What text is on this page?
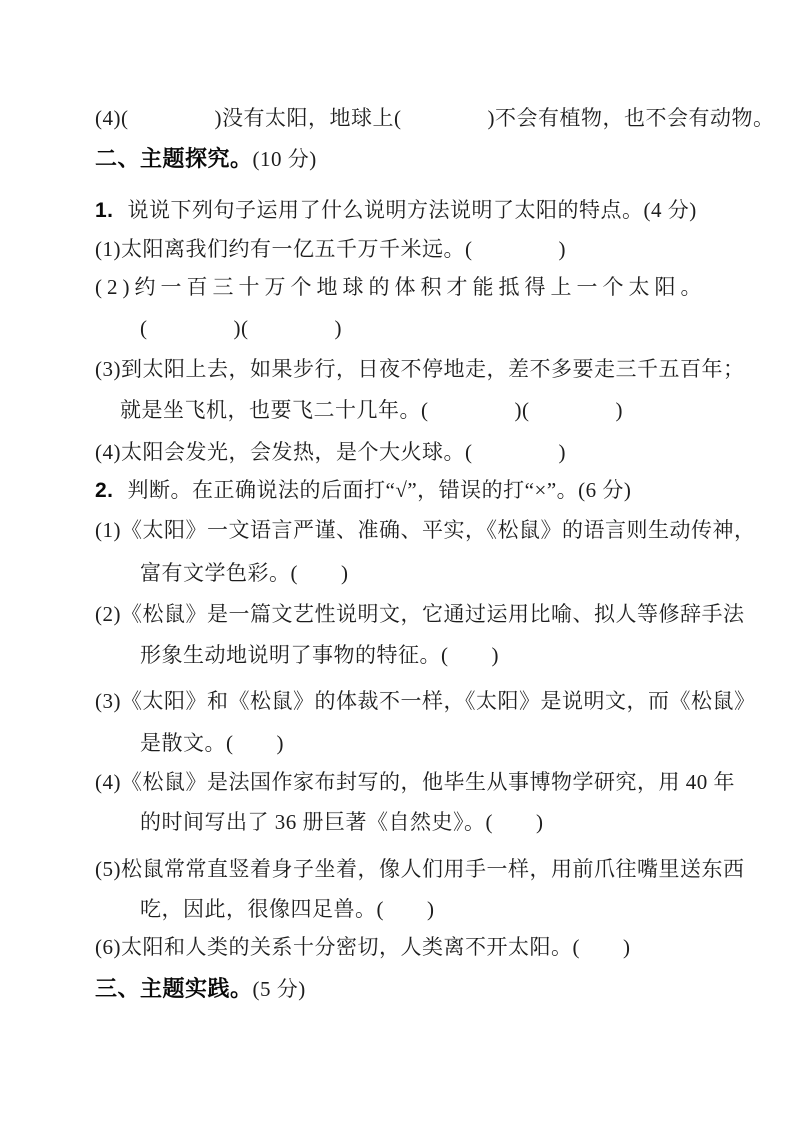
(4)(　　　　)没有太阳，地球上(　　　　)不会有植物，也不会有动物。

二、主题探究。(10 分)

1. 说说下列句子运用了什么说明方法说明了太阳的特点。(4 分)

(1)太阳离我们约有一亿五千万千米远。(　　　　)

(2)约一百三十万个地球的体积才能抵得上一个太阳。

(　　　　)(　　　　)

(3)到太阳上去，如果步行，日夜不停地走，差不多要走三千五百年；

就是坐飞机，也要飞二十几年。(　　　　)(　　　　)

(4)太阳会发光，会发热，是个大火球。(　　　　)

2. 判断。在正确说法的后面打“√”，错误的打“×”。(6 分)

(1)《太阳》一文语言严谨、准确、平实，《松鼠》的语言则生动传神，

富有文学色彩。(　　)

(2)《松鼠》是一篇文艺性说明文，它通过运用比喻、拟人等修辞手法

形象生动地说明了事物的特征。(　　)

(3)《太阳》和《松鼠》的体裁不一样，《太阳》是说明文，而《松鼠》

是散文。(　　)

(4)《松鼠》是法国作家布封写的，他毕生从事博物学研究，用 40 年

的时间写出了 36 册巨著《自然史》。(　　)

(5)松鼠常常直竖着身子坐着，像人们用手一样，用前爪往嘴里送东西

吃，因此，很像四足兽。(　　)

(6)太阳和人类的关系十分密切，人类离不开太阳。(　　)

三、主题实践。(5 分)
